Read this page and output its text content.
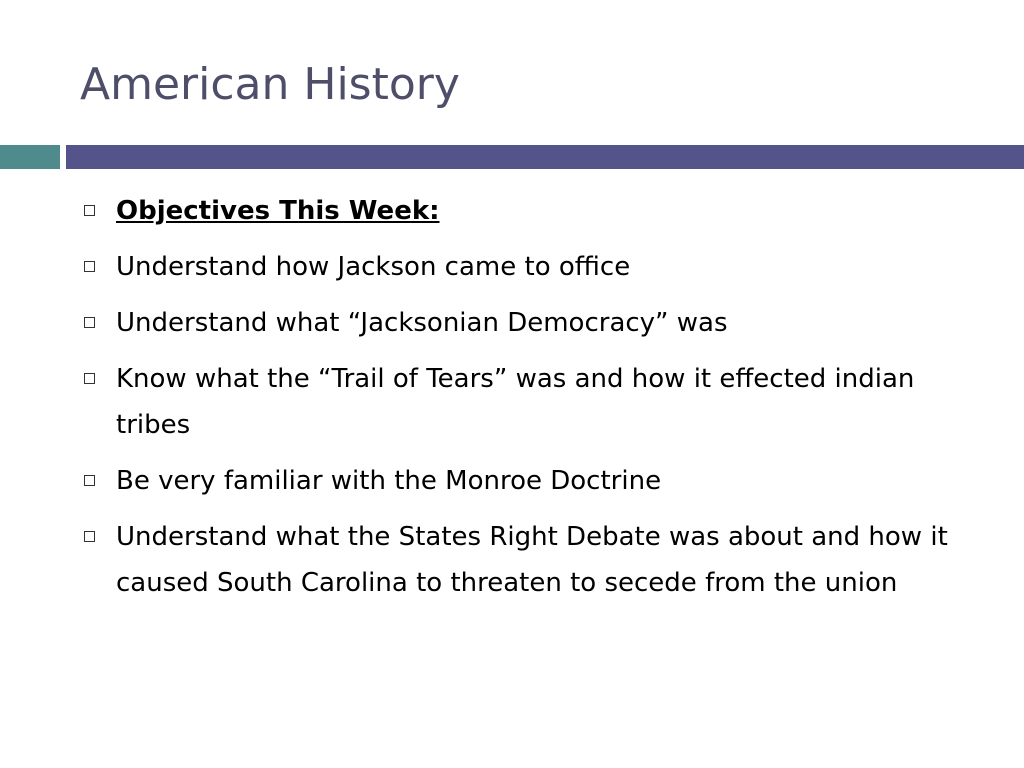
American History
Objectives This Week:
Understand how Jackson came to office
Understand what “Jacksonian Democracy” was
Know what the “Trail of Tears” was and how it effected indian tribes
Be very familiar with the Monroe Doctrine
Understand what the States Right Debate was about and how it caused South Carolina to threaten to secede from the union
